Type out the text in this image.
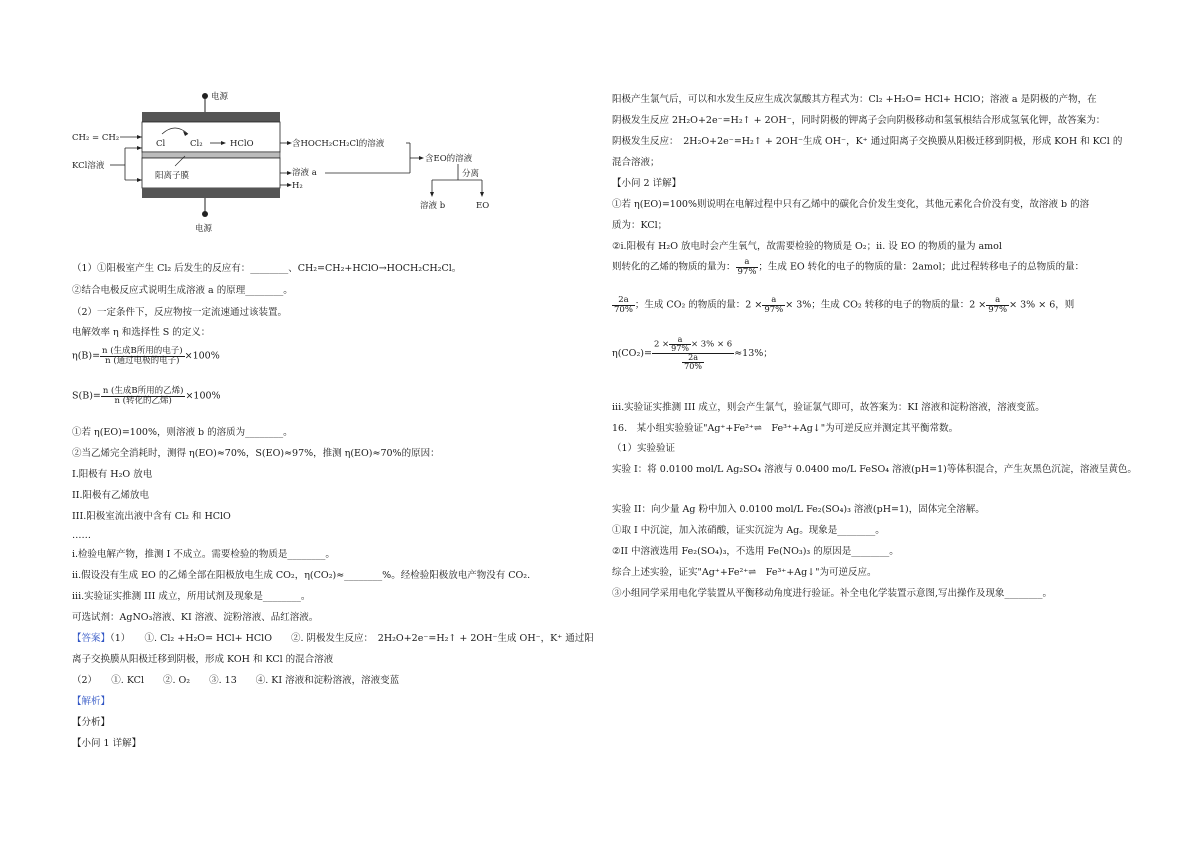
电源
电源
CH₂ = CH₂
KCl溶液
Cl	Cl₂	HClO
阳离子膜
含HOCH₂CH₂Cl的溶液
溶液 a
H₂
含EO的溶液
分离
溶液 b	EO
（1）①阳极室产生 Cl₂ 后发生的反应有：________、CH₂=CH₂+HClO→HOCH₂CH₂Cl。
②结合电极反应式说明生成溶液 a 的原理________。
（2）一定条件下，反应物按一定流速通过该装置。
电解效率 η 和选择性 S 的定义：
$\eta(B)= \frac{\text{n (生成B所用的电子)}}{\text{n (通过电极的电子)}} \times 100\%$
$S(B)= \frac{\text{n (生成B所用的乙烯)}}{\text{n (转化的乙烯)}} \times 100\%$
①若 η(EO)=100%，则溶液 b 的溶质为________。
②当乙烯完全消耗时，测得 η(EO)≈70%，S(EO)≈97%，推测 η(EO)≈70%的原因：
I.阳极有 H₂O 放电
II.阳极有乙烯放电
III.阳极室流出液中含有 Cl₂ 和 HClO
……
i.检验电解产物，推测 I 不成立。需要检验的物质是________。
ii.假设没有生成 EO 的乙烯全部在阳极放电生成 CO₂，η(CO₂)≈________%。经检验阳极放电产物没有 CO₂.
iii.实验证实推测 III 成立，所用试剂及现象是________。
可选试剂：AgNO₃溶液、KI 溶液、淀粉溶液、品红溶液。
【答案】（1）　　①. Cl₂ +H₂O= HCl+ HClO　　②. 阴极发生反应：　2H₂O+2e⁻=H₂↑ + 2OH⁻生成 OH⁻，K⁺ 通过阳
离子交换膜从阳极迁移到阴极，形成 KOH 和 KCl 的混合溶液
（2）　　①. KCl　　②. O₂　　③. 13　　④. KI 溶液和淀粉溶液，溶液变蓝
【解析】
【分析】
【小问 1 详解】
阳极产生氯气后，可以和水发生反应生成次氯酸其方程式为：Cl₂ +H₂O= HCl+ HClO；溶液 a 是阴极的产物，在
阴极发生反应 2H₂O+2e⁻=H₂↑ + 2OH⁻，同时阴极的钾离子会向阴极移动和氢氧根结合形成氢氧化钾，故答案为：
阴极发生反应：　2H₂O+2e⁻=H₂↑ + 2OH⁻生成 OH⁻，K⁺ 通过阳离子交换膜从阳极迁移到阴极，形成 KOH 和 KCl 的
混合溶液；
【小问 2 详解】
①若 η(EO)=100%则说明在电解过程中只有乙烯中的碳化合价发生变化，其他元素化合价没有变，故溶液 b 的溶
质为：KCl；
②i.阳极有 H₂O 放电时会产生氧气，故需要检验的物质是 O₂；ii. 设 EO 的物质的量为 amol
则转化的乙烯的物质的量为： $\frac{a}{97\%}$ ；生成 EO 转化的电子的物质的量：2amol；此过程转移电子的总物质的量：
$\frac{2a}{70\%}$ ；生成 CO₂ 的物质的量：$2 \times \frac{a}{97\%} \times 3\%$；生成 CO₂ 转移的电子的物质的量：$2 \times \frac{a}{97\%} \times 3\% \times 6$，则
$\eta(CO_2)= \frac{2 \times \frac{a}{97\%} \times 3\% \times 6}{\frac{2a}{70\%}} \approx 13\%$；
iii.实验证实推测 III 成立，则会产生氯气，验证氯气即可，故答案为：KI 溶液和淀粉溶液，溶液变蓝。
16.　某小组实验验证"Ag⁺+Fe²⁺⇌　Fe³⁺+Ag↓"为可逆反应并测定其平衡常数。
（1）实验验证
实验 I：将 0.0100 mol/L Ag₂SO₄ 溶液与 0.0400 mo/L FeSO₄ 溶液(pH=1)等体积混合，产生灰黑色沉淀，溶液呈黄色。
实验 II：向少量 Ag 粉中加入 0.0100 mol/L Fe₂(SO₄)₃ 溶液(pH=1)，固体完全溶解。
①取 I 中沉淀，加入浓硝酸，证实沉淀为 Ag。现象是________。
②II 中溶液选用 Fe₂(SO₄)₃，不选用 Fe(NO₃)₃ 的原因是________。
综合上述实验，证实"Ag⁺+Fe²⁺⇌　Fe³⁺+Ag↓"为可逆反应。
③小组同学采用电化学装置从平衡移动角度进行验证。补全电化学装置示意图,写出操作及现象________。
